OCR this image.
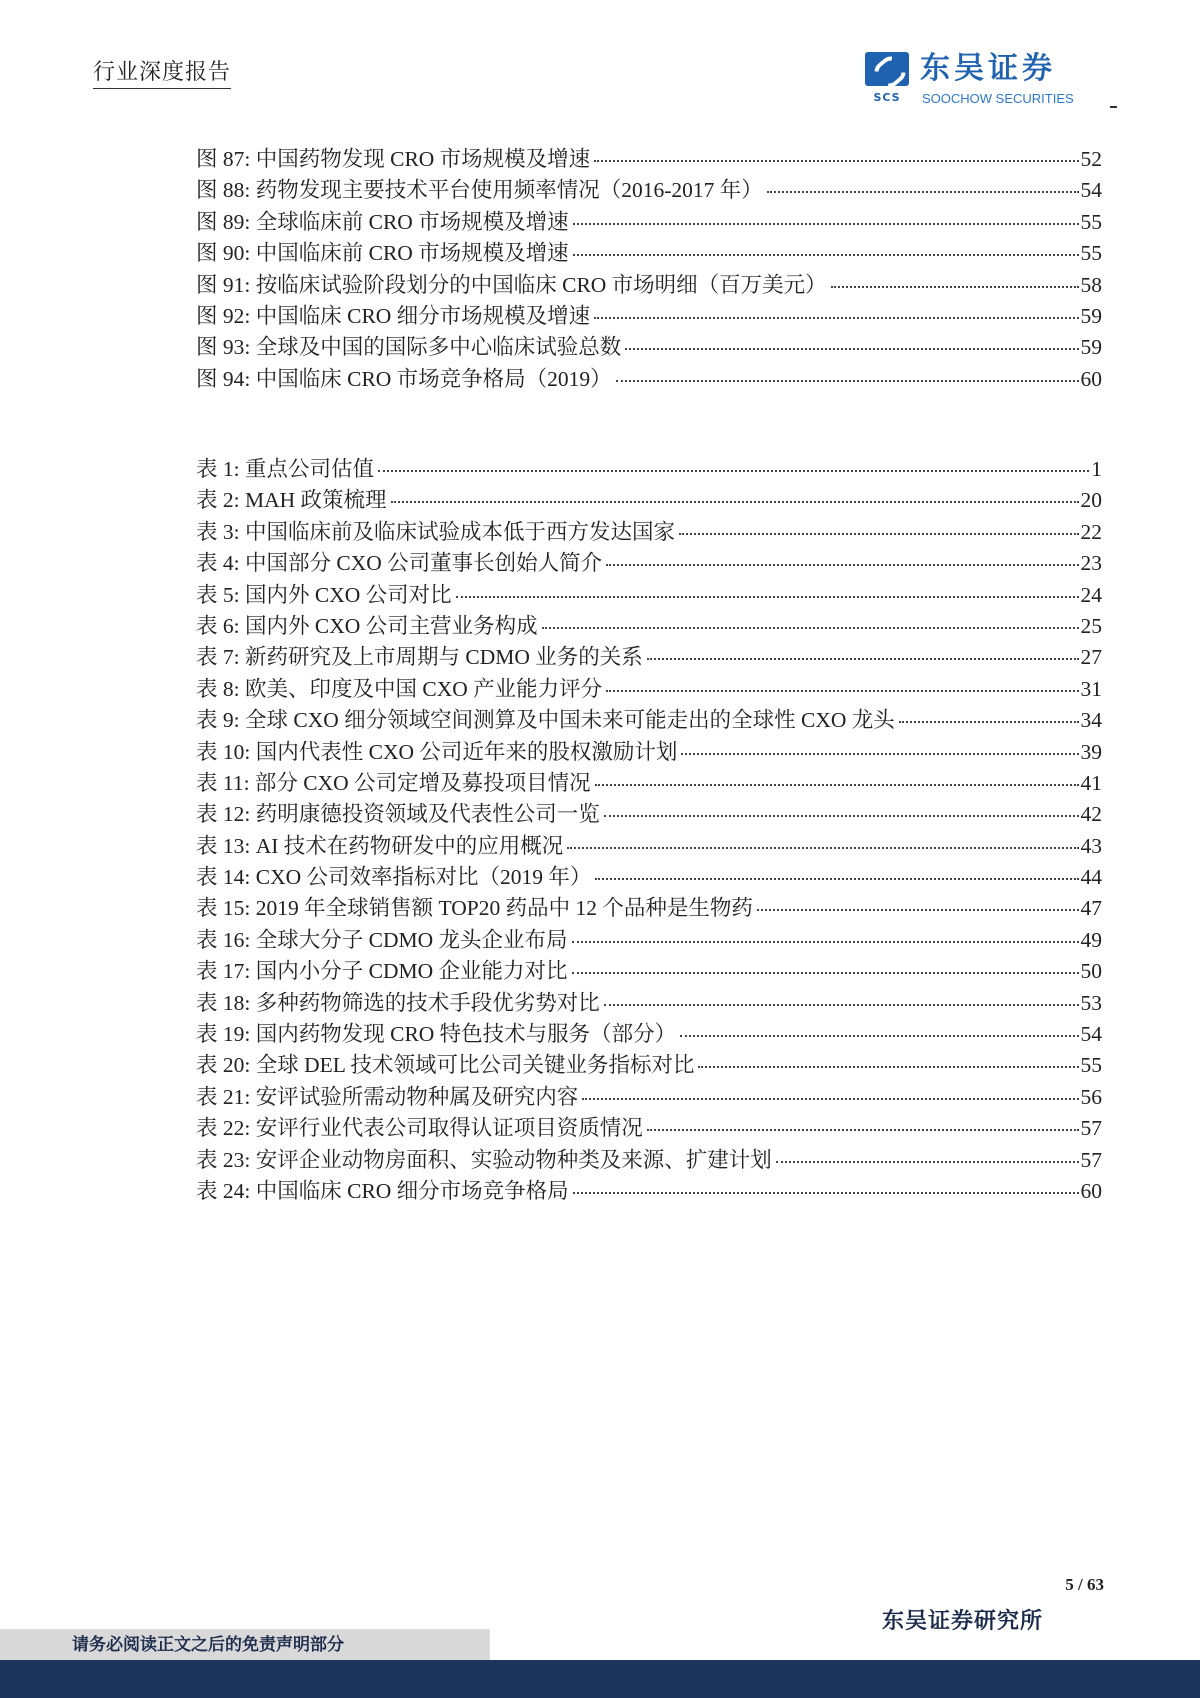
行业深度报告
SCS
东吴证券
SOOCHOW SECURITIES
图 87: 中国药物发现 CRO 市场规模及增速	52
图 88: 药物发现主要技术平台使用频率情况（2016-2017 年）	54
图 89: 全球临床前 CRO 市场规模及增速	55
图 90: 中国临床前 CRO 市场规模及增速	55
图 91: 按临床试验阶段划分的中国临床 CRO 市场明细（百万美元）	58
图 92: 中国临床 CRO 细分市场规模及增速	59
图 93: 全球及中国的国际多中心临床试验总数	59
图 94: 中国临床 CRO 市场竞争格局（2019）	60
表 1: 重点公司估值	1
表 2: MAH 政策梳理	20
表 3: 中国临床前及临床试验成本低于西方发达国家	22
表 4: 中国部分 CXO 公司董事长创始人简介	23
表 5: 国内外 CXO 公司对比	24
表 6: 国内外 CXO 公司主营业务构成	25
表 7: 新药研究及上市周期与 CDMO 业务的关系	27
表 8: 欧美、印度及中国 CXO 产业能力评分	31
表 9: 全球 CXO 细分领域空间测算及中国未来可能走出的全球性 CXO 龙头	34
表 10: 国内代表性 CXO 公司近年来的股权激励计划	39
表 11: 部分 CXO 公司定增及募投项目情况	41
表 12: 药明康德投资领域及代表性公司一览	42
表 13: AI 技术在药物研发中的应用概况	43
表 14: CXO 公司效率指标对比（2019 年）	44
表 15: 2019 年全球销售额 TOP20 药品中 12 个品种是生物药	47
表 16: 全球大分子 CDMO 龙头企业布局	49
表 17: 国内小分子 CDMO 企业能力对比	50
表 18: 多种药物筛选的技术手段优劣势对比	53
表 19: 国内药物发现 CRO 特色技术与服务（部分）	54
表 20: 全球 DEL 技术领域可比公司关键业务指标对比	55
表 21: 安评试验所需动物种属及研究内容	56
表 22: 安评行业代表公司取得认证项目资质情况	57
表 23: 安评企业动物房面积、实验动物种类及来源、扩建计划	57
表 24: 中国临床 CRO 细分市场竞争格局	60
5 / 63
东吴证券研究所
请务必阅读正文之后的免责声明部分
